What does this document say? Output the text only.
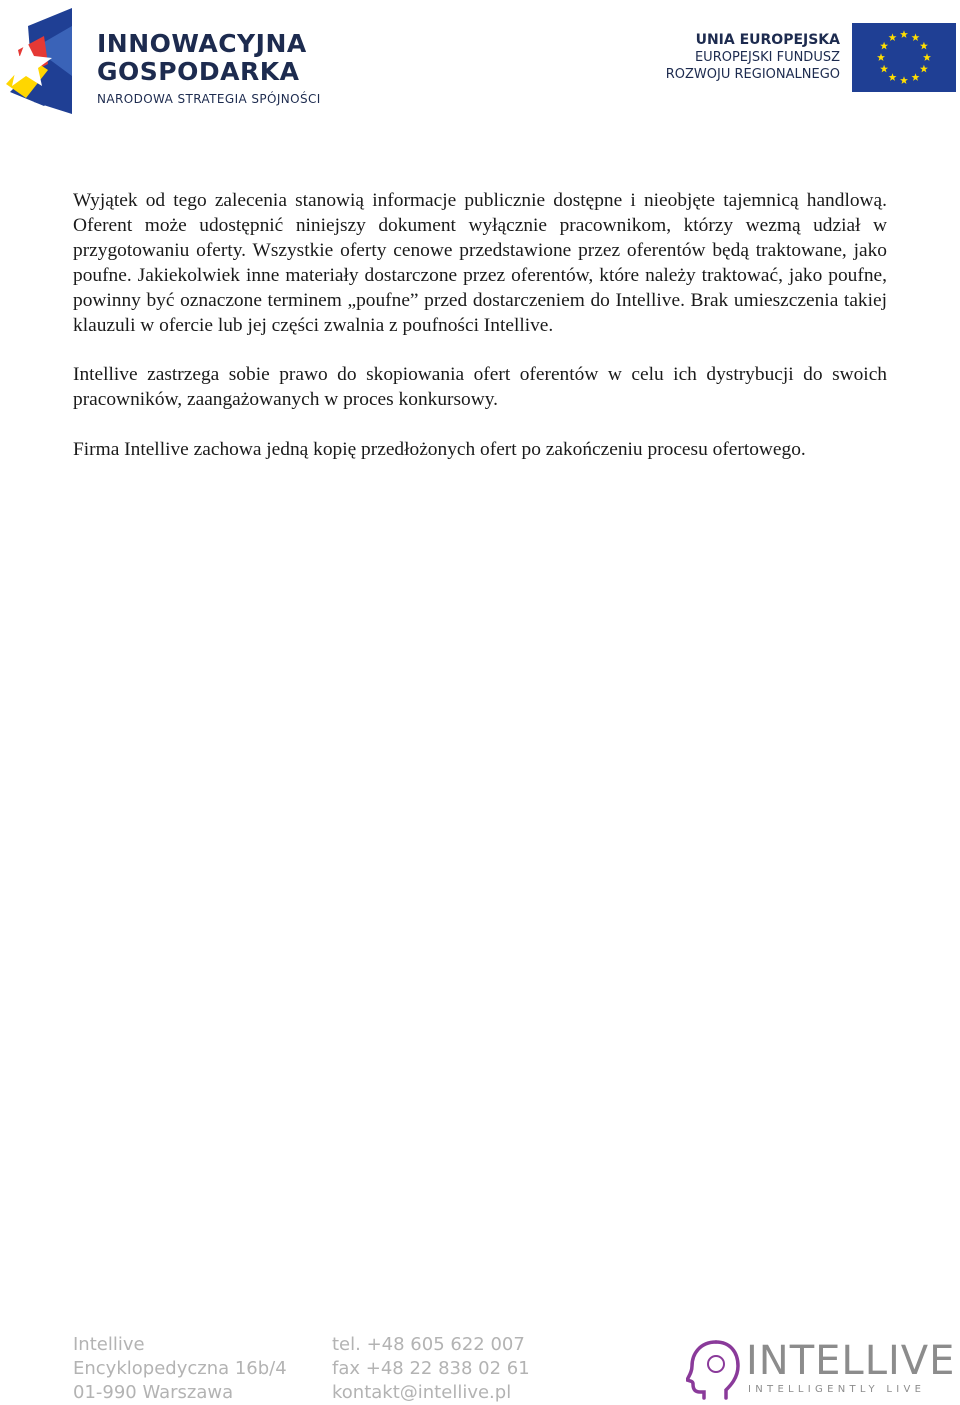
INNOWACYJNA
GOSPODARKA
NARODOWA STRATEGIA SPÓJNOŚCI
UNIA EUROPEJSKA
EUROPEJSKI FUNDUSZ
ROZWOJU REGIONALNEGO

Wyjątek od tego zalecenia stanowią informacje publicznie dostępne i nieobjęte tajemnicą handlową. Oferent może udostępnić niniejszy dokument wyłącznie pracownikom, którzy wezmą udział w przygotowaniu oferty. Wszystkie oferty cenowe przedstawione przez oferentów będą traktowane, jako poufne. Jakiekolwiek inne materiały dostarczone przez oferentów, które należy traktować, jako poufne, powinny być oznaczone terminem „poufne” przed dostarczeniem do Intellive. Brak umieszczenia takiej klauzuli w ofercie lub jej części zwalnia z poufności Intellive.

Intellive zastrzega sobie prawo do skopiowania ofert oferentów w celu ich dystrybucji do swoich pracowników, zaangażowanych w proces konkursowy.

Firma Intellive zachowa jedną kopię przedłożonych ofert po zakończeniu procesu ofertowego.

Intellive
Encyklopedyczna 16b/4
01-990 Warszawa
tel. +48 605 622 007
fax +48 22 838 02 61
kontakt@intellive.pl
INTELLIVE
INTELLIGENTLY LIVE
